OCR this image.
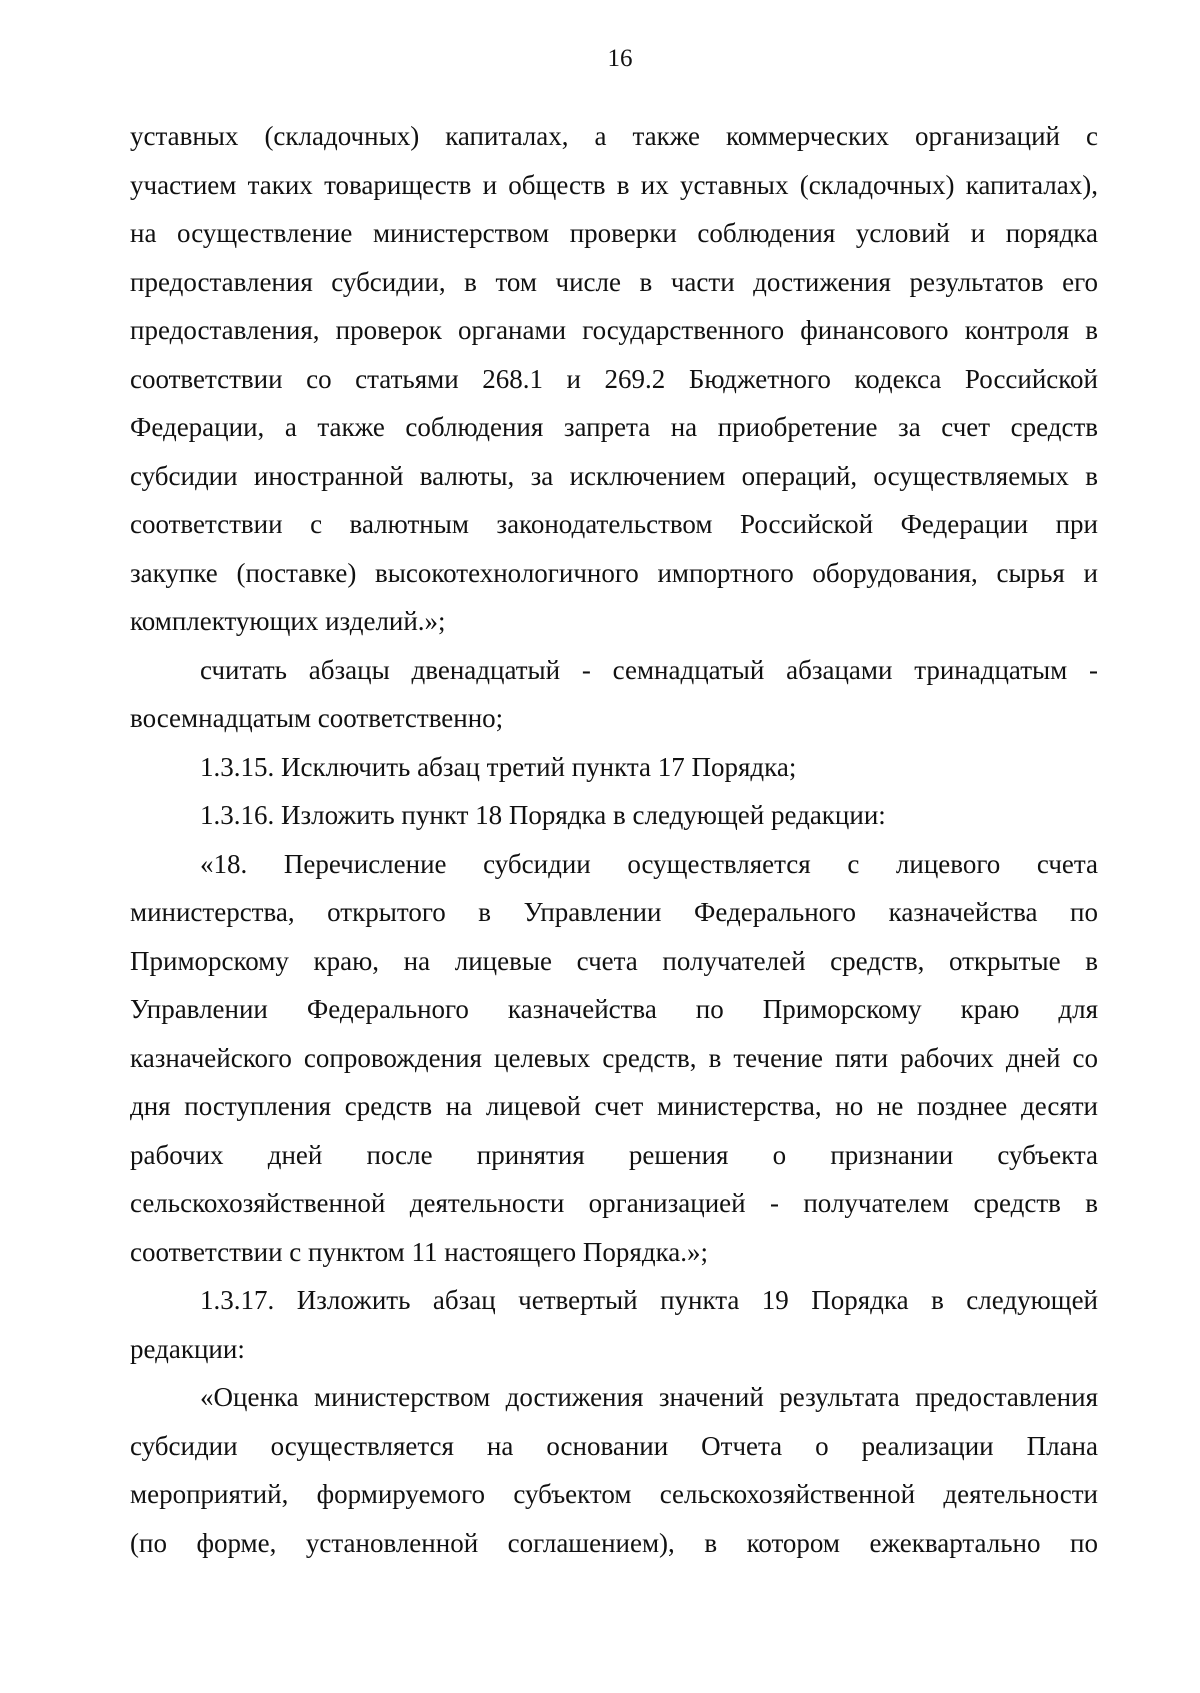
16

уставных (складочных) капиталах, а также коммерческих организаций с
участием таких товариществ и обществ в их уставных (складочных) капиталах),
на осуществление министерством проверки соблюдения условий и порядка
предоставления субсидии, в том числе в части достижения результатов его
предоставления, проверок органами государственного финансового контроля в
соответствии со статьями 268.1 и 269.2 Бюджетного кодекса Российской
Федерации, а также соблюдения запрета на приобретение за счет средств
субсидии иностранной валюты, за исключением операций, осуществляемых в
соответствии с валютным законодательством Российской Федерации при
закупке (поставке) высокотехнологичного импортного оборудования, сырья и
комплектующих изделий.»;

считать абзацы двенадцатый - семнадцатый абзацами тринадцатым -
восемнадцатым соответственно;

1.3.15. Исключить абзац третий пункта 17 Порядка;

1.3.16. Изложить пункт 18 Порядка в следующей редакции:

«18. Перечисление субсидии осуществляется с лицевого счета
министерства, открытого в Управлении Федерального казначейства по
Приморскому краю, на лицевые счета получателей средств, открытые в
Управлении Федерального казначейства по Приморскому краю для
казначейского сопровождения целевых средств, в течение пяти рабочих дней со
дня поступления средств на лицевой счет министерства, но не позднее десяти
рабочих дней после принятия решения о признании субъекта
сельскохозяйственной деятельности организацией - получателем средств в
соответствии с пунктом 11 настоящего Порядка.»;

1.3.17. Изложить абзац четвертый пункта 19 Порядка в следующей
редакции:

«Оценка министерством достижения значений результата предоставления
субсидии осуществляется на основании Отчета о реализации Плана
мероприятий, формируемого субъектом сельскохозяйственной деятельности
(по форме, установленной соглашением), в котором ежеквартально по
